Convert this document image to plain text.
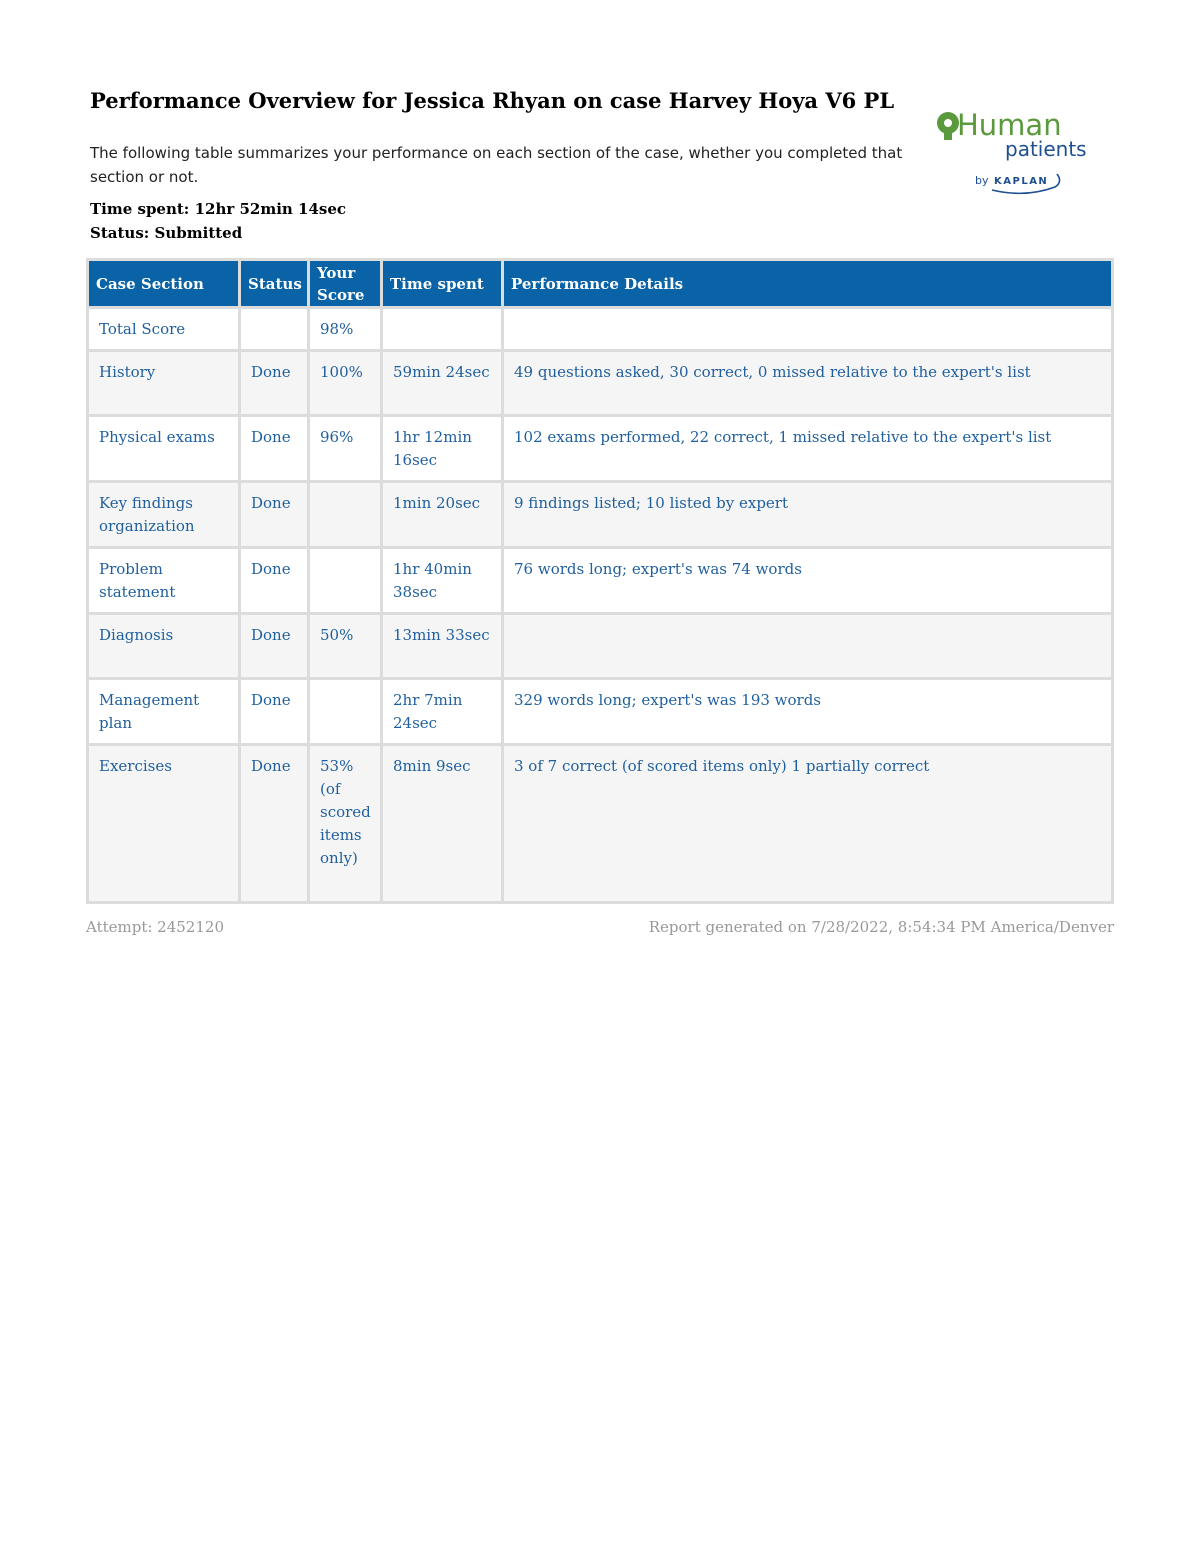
Performance Overview for Jessica Rhyan on case Harvey Hoya V6 PL
The following table summarizes your performance on each section of the case, whether you completed that section or not.
Time spent: 12hr 52min 14sec
Status: Submitted
Human
patients
by KAPLAN
Case Section	Status	Your Score	Time spent	Performance Details
Total Score		98%		
History	Done	100%	59min 24sec	49 questions asked, 30 correct, 0 missed relative to the expert's list
Physical exams	Done	96%	1hr 12min 16sec	102 exams performed, 22 correct, 1 missed relative to the expert's list
Key findings organization	Done		1min 20sec	9 findings listed; 10 listed by expert
Problem statement	Done		1hr 40min 38sec	76 words long; expert's was 74 words
Diagnosis	Done	50%	13min 33sec	
Management plan	Done		2hr 7min 24sec	329 words long; expert's was 193 words
Exercises	Done	53% (of scored items only)	8min 9sec	3 of 7 correct (of scored items only) 1 partially correct
Attempt: 2452120	Report generated on 7/28/2022, 8:54:34 PM America/Denver
